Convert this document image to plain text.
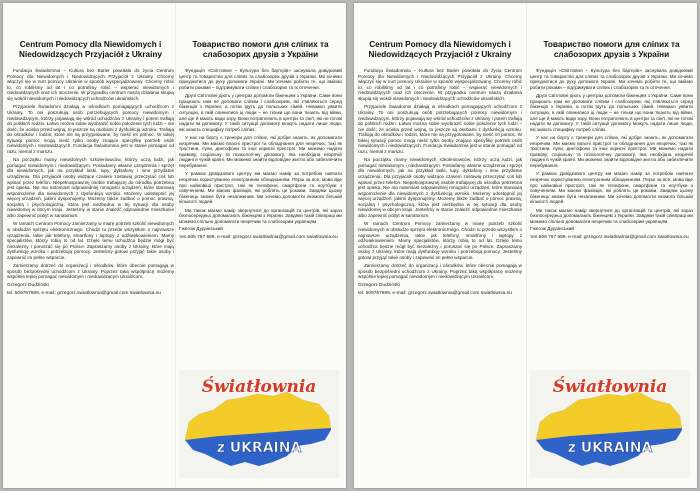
Centrum Pomocy dla Niewidomych i Niedowidzących Przyjaciół z Ukrainy

Fundacja Świadomnia – Kultura bez Barier powołała do życia Centrum Pomocy dla Niewidomych i Niedowidzących Przyjaciół z Ukrainy. Chcemy włączyć się w nurt pomocy Ukrainie w sposób wyspecjalizowany. Chcemy robić to, co robiliśmy od lat i co potrafimy robić – wspierać niewidomych i niedowidzących oraz ich otoczenie. W przypadku centrum naszą działania skupią się wokół niewidomych i niedowidzących uchodźców ukraińskich.

Przyjaciele Świadomni działają w ośrodkach pomagających uchodźcom z Ukrainy. To oni poszukują osób potrzebujących pomocy niewidomym i niedowidzącym, którzy pojawiają się wśród uchodźców z Ukrainy i potem trafiają do polskich rodzin. Łatwo można sobie wyobrazić sobie położenie tych ludzi – nie dość, że ucieka przed wojną, to jeszcze są osobami z dysfunkcją wzroku. Trafiają do ośrodków i rodzin, które nie są przygotowane, by nieść im pomoc. W takiej sytuacji pomoc mogą nieść tylko osoby znające specyfikę potrzeb osób niewidomych i niedowidzących. Fundacja Świadomnia jest w stanie pomagać od razu, niemal z marszu.

Na początku mamy niewidomych szkoleniowców, którzy uczą ludzi, jak pomagać niewidomym i niedowidzącym. Posiadamy własne urządzenia i sprzęt dla niewidomych, jak na przykład laski, lupy, dyktafony i inne przydatne urządzenia. Dla przyjaciół osoby widzące czasem zostawią przeczytać coś lub wpisać przez telefon. Niepełnosprawnej osobie trafiającej do ośrodka potrzebna jest opieka. Nie ma natomiast odpowiedniej mnogości urządzeń, które stanowią wspomożenie dla niewidomych z dysfunkcją wzroku. Możemy udostępnić jej więcej urządzeń, jakimi dysponujemy. Możemy także zadbać o pomoc prawną, socjalną i psychologiczną, która jest niezbędna w tej sytuacji dla osoby niewidomej w obcym kraju. Jesteśmy w stanie znaleźć odpowiednie mieszkanie albo zapewnić pobyt w sanatorium.

W ramach Centrum Pomocy zamierzamy w miarę potrzeb szkolić niewidomych w obsłudze sprzętu elektronicznego. Chodzi tu przede wszystkim o najnowsze urządzenia, takie jak telefony, smartfony i laptopy z udźwiękowieniem. Mamy specjalistów, którzy robią to od lat. Dzięki temu uchodźca będzie mógł być niezależny i poruszać się po Polsce. Zapraszamy osoby z Ukrainy, które mają dysfunkcję wzroku i potrzebują pomocy. Jesteśmy gotowi przyjąć takie osoby i zapewnić im pełne wsparcie.

Zamierzamy dotrzeć do organizacji i ośrodków, które obecnie pomagają w sposób bezpośredni uchodźcom z Ukrainy. Poprzez taką współpracę możemy wspólnie lepiej pomagać niewidomym i niedowidzącym Ukraińcom.

Grzegorz Dudziński
tel. 509767689, e-mail: grzegorz.swiatlownia@gmail.com swiatlownia.eu
Товариство помоги для сліпих та слабозорих друзів з України

Фундація «Світловня – Культура без бар'єрів» заснувала довідковий центр та товариство для сліпих та слабозорих друзів з України. Ми хочемо приєднатися до руху допомоги Україні. Ми хочемо робити те, що вміємо робити роками – підтримувати сліпих і слабозорих та їх оточення.

Друзі Світловні діють у центрах допомоги біженцям з України. Саме вони працюють нам не допомоги сліпим і слабозорим, які з'являються серед біженців з України, а потім їдуть до польських сімей. Неважко уявити ситуацію, в якій опинилися ці люди – не тільки що вони тікають від війни, але ще й мають вади зору. Вони потрапляють в центри та сім'ї, які не готові надати їм допомогу. У такій ситуації допомогу можуть надати лише люди, які знають специфіку потреб сліпих.

У нас на борту є тренери для сліпих, які добре знають, як допомагати незрячим. Ми маємо власні пристрої та обладнання для незрячих, такі як тростини, лупи, диктофони та інші корисні пристрої. Ми можемо надати правову, соціальну та психологічну допомогу, яка необхідна незрячій людині в чужій країні. Ми можемо знайти відповідне житло або забезпечити перебування.

У рамках Довідкового центру ми маємо намір за потребою навчати незрячих користуванню електронним обладнанням. Перш за все, мова йде про найновіші пристрої, такі як телефони, смартфони та ноутбуки з озвученням. Ми маємо фахівців, які роблять це роками. Завдяки цьому біженець зможе бути незалежним. Ми хочемо допомогти якомога більшій кількості людей.

Ми також маємо намір звернутися до організацій та центрів, які зараз безпосередньо допомагають біженцям з України. Завдяки такій співпраці ми можемо спільно допомагати незрячим та слабозорим українцям.

Гжегож Дудзінський
тел.509 767 689, e-mail: grzegorz.swiatlowlnia@gmail.com swiatlownia.eu
Światłownia
z UKRAINA
Centrum Pomocy dla Niewidomych i Niedowidzących Przyjaciół z Ukrainy

Fundacja Świadomnia – Kultura bez Barier powołała do życia Centrum Pomocy dla Niewidomych i Niedowidzących Przyjaciół z Ukrainy. Chcemy włączyć się w nurt pomocy Ukrainie w sposób wyspecjalizowany. Chcemy robić to, co robiliśmy od lat i co potrafimy robić – wspierać niewidomych i niedowidzących oraz ich otoczenie. W przypadku centrum naszą działania skupią się wokół niewidomych i niedowidzących uchodźców ukraińskich.

Przyjaciele Świadomni działają w ośrodkach pomagających uchodźcom z Ukrainy. To oni poszukują osób potrzebujących pomocy niewidomym i niedowidzącym, którzy pojawiają się wśród uchodźców z Ukrainy i potem trafiają do polskich rodzin. Łatwo można sobie wyobrazić sobie położenie tych ludzi – nie dość, że ucieka przed wojną, to jeszcze są osobami z dysfunkcją wzroku. Trafiają do ośrodków i rodzin, które nie są przygotowane, by nieść im pomoc. W takiej sytuacji pomoc mogą nieść tylko osoby znające specyfikę potrzeb osób niewidomych i niedowidzących. Fundacja Świadomnia jest w stanie pomagać od razu, niemal z marszu.

Na początku mamy niewidomych szkoleniowców, którzy uczą ludzi, jak pomagać niewidomym i niedowidzącym. Posiadamy własne urządzenia i sprzęt dla niewidomych, jak na przykład laski, lupy, dyktafony i inne przydatne urządzenia. Dla przyjaciół osoby widzące czasem zostawią przeczytać coś lub wpisać przez telefon. Niepełnosprawnej osobie trafiającej do ośrodka potrzebna jest opieka. Nie ma natomiast odpowiedniej mnogości urządzeń, które stanowią wspomożenie dla niewidomych z dysfunkcją wzroku. Możemy udostępnić jej więcej urządzeń, jakimi dysponujemy. Możemy także zadbać o pomoc prawną, socjalną i psychologiczną, która jest niezbędna w tej sytuacji dla osoby niewidomej w obcym kraju. Jesteśmy w stanie znaleźć odpowiednie mieszkanie albo zapewnić pobyt w sanatorium.

W ramach Centrum Pomocy zamierzamy w miarę potrzeb szkolić niewidomych w obsłudze sprzętu elektronicznego. Chodzi tu przede wszystkim o najnowsze urządzenia, takie jak telefony, smartfony i laptopy z udźwiękowieniem. Mamy specjalistów, którzy robią to od lat. Dzięki temu uchodźca będzie mógł być niezależny i poruszać się po Polsce. Zapraszamy osoby z Ukrainy, które mają dysfunkcję wzroku i potrzebują pomocy. Jesteśmy gotowi przyjąć takie osoby i zapewnić im pełne wsparcie.

Zamierzamy dotrzeć do organizacji i ośrodków, które obecnie pomagają w sposób bezpośredni uchodźcom z Ukrainy. Poprzez taką współpracę możemy wspólnie lepiej pomagać niewidomym i niedowidzącym Ukraińcom.

Grzegorz Dudziński
tel. 509767689, e-mail: grzegorz.swiatlownia@gmail.com swiatlownia.eu
Товариство помоги для сліпих та слабозорих друзів з України

Фундація «Світловня – Культура без бар'єрів» заснувала довідковий центр та товариство для сліпих та слабозорих друзів з України. Ми хочемо приєднатися до руху допомоги Україні. Ми хочемо робити те, що вміємо робити роками – підтримувати сліпих і слабозорих та їх оточення.

Друзі Світловні діють у центрах допомоги біженцям з України. Саме вони працюють нам не допомоги сліпим і слабозорим, які з'являються серед біженців з України, а потім їдуть до польських сімей. Неважко уявити ситуацію, в якій опинилися ці люди – не тільки що вони тікають від війни, але ще й мають вади зору. Вони потрапляють в центри та сім'ї, які не готові надати їм допомогу. У такій ситуації допомогу можуть надати лише люди, які знають специфіку потреб сліпих.

У нас на борту є тренери для сліпих, які добре знають, як допомагати незрячим. Ми маємо власні пристрої та обладнання для незрячих, такі як тростини, лупи, диктофони та інші корисні пристрої. Ми можемо надати правову, соціальну та психологічну допомогу, яка необхідна незрячій людині в чужій країні. Ми можемо знайти відповідне житло або забезпечити перебування.

У рамках Довідкового центру ми маємо намір за потребою навчати незрячих користуванню електронним обладнанням. Перш за все, мова йде про найновіші пристрої, такі як телефони, смартфони та ноутбуки з озвученням. Ми маємо фахівців, які роблять це роками. Завдяки цьому біженець зможе бути незалежним. Ми хочемо допомогти якомога більшій кількості людей.

Ми також маємо намір звернутися до організацій та центрів, які зараз безпосередньо допомагають біженцям з України. Завдяки такій співпраці ми можемо спільно допомагати незрячим та слабозорим українцям.

Гжегож Дудзінський
тел.509 767 689, e-mail: grzegorz.swiatlowlnia@gmail.com swiatlownia.eu
Światłownia
z UKRAINA
